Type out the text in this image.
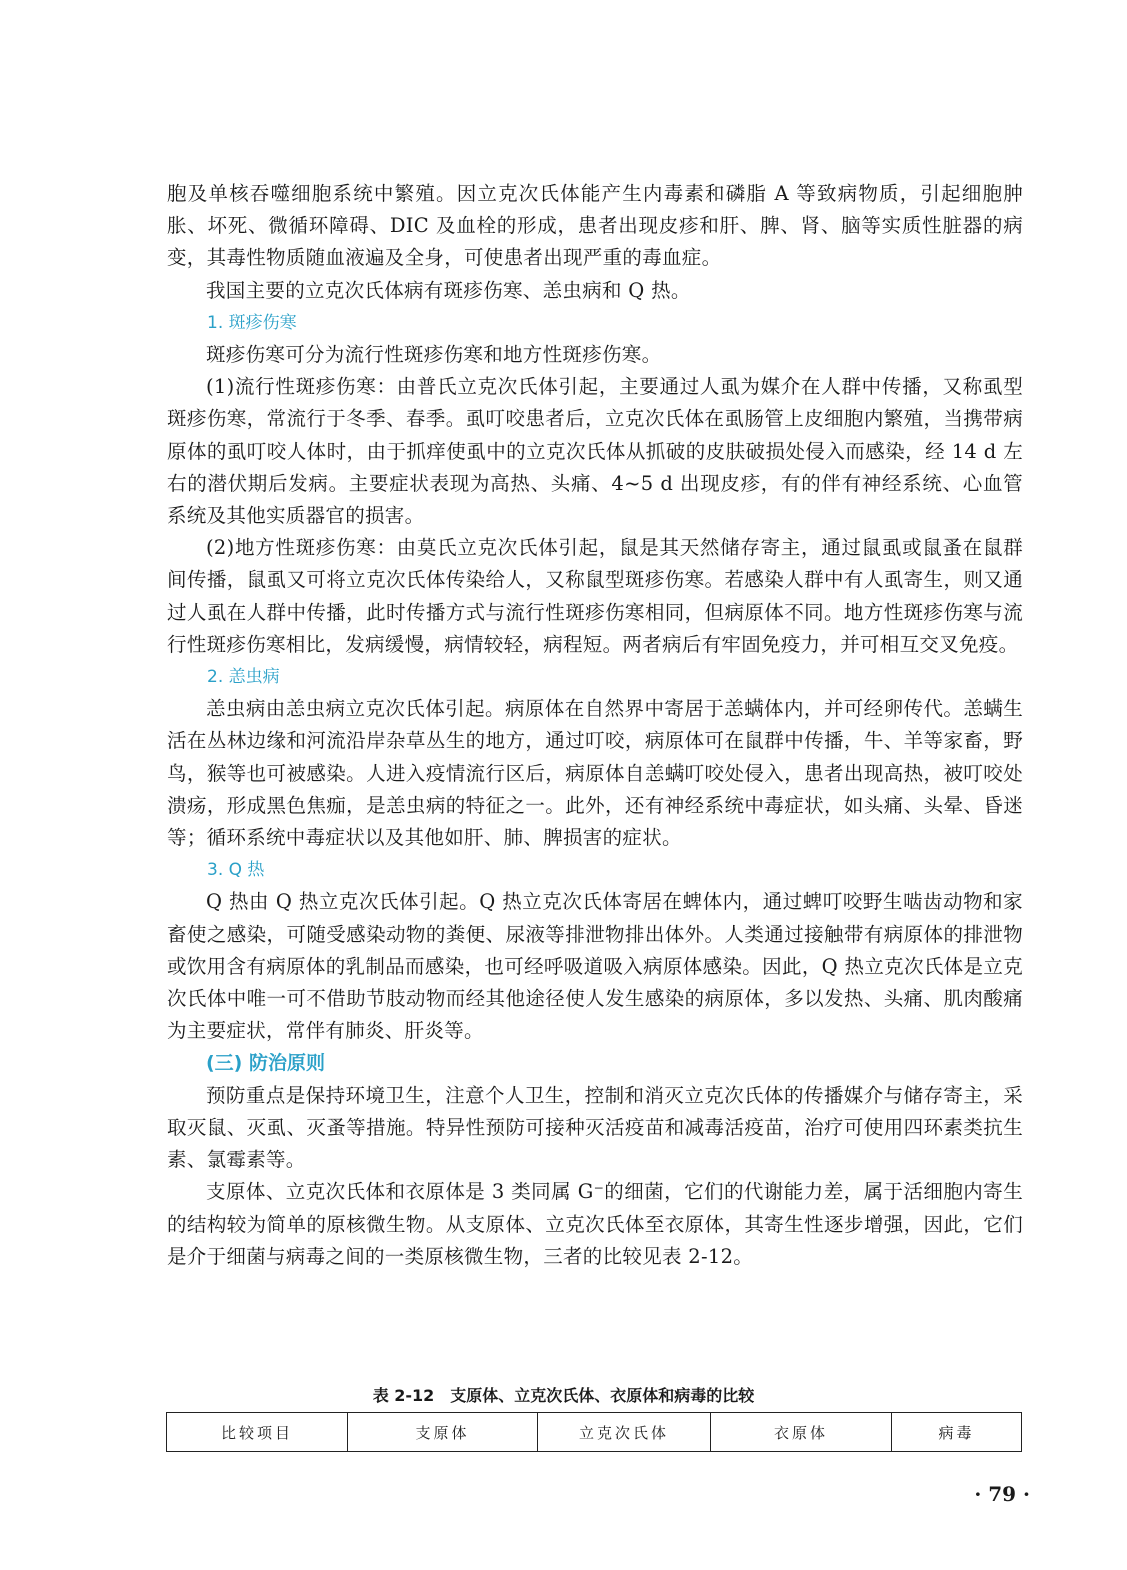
胞及单核吞噬细胞系统中繁殖。因立克次氏体能产生内毒素和磷脂 A 等致病物质，引起细胞肿胀、坏死、微循环障碍、DIC 及血栓的形成，患者出现皮疹和肝、脾、肾、脑等实质性脏器的病变，其毒性物质随血液遍及全身，可使患者出现严重的毒血症。

我国主要的立克次氏体病有斑疹伤寒、恙虫病和 Q 热。

1. 斑疹伤寒

斑疹伤寒可分为流行性斑疹伤寒和地方性斑疹伤寒。

(1)流行性斑疹伤寒：由普氏立克次氏体引起，主要通过人虱为媒介在人群中传播，又称虱型斑疹伤寒，常流行于冬季、春季。虱叮咬患者后，立克次氏体在虱肠管上皮细胞内繁殖，当携带病原体的虱叮咬人体时，由于抓痒使虱中的立克次氏体从抓破的皮肤破损处侵入而感染，经 14 d 左右的潜伏期后发病。主要症状表现为高热、头痛、4~5 d 出现皮疹，有的伴有神经系统、心血管系统及其他实质器官的损害。

(2)地方性斑疹伤寒：由莫氏立克次氏体引起，鼠是其天然储存寄主，通过鼠虱或鼠蚤在鼠群间传播，鼠虱又可将立克次氏体传染给人，又称鼠型斑疹伤寒。若感染人群中有人虱寄生，则又通过人虱在人群中传播，此时传播方式与流行性斑疹伤寒相同，但病原体不同。地方性斑疹伤寒与流行性斑疹伤寒相比，发病缓慢，病情较轻，病程短。两者病后有牢固免疫力，并可相互交叉免疫。

2. 恙虫病

恙虫病由恙虫病立克次氏体引起。病原体在自然界中寄居于恙螨体内，并可经卵传代。恙螨生活在丛林边缘和河流沿岸杂草丛生的地方，通过叮咬，病原体可在鼠群中传播，牛、羊等家畜，野鸟，猴等也可被感染。人进入疫情流行区后，病原体自恙螨叮咬处侵入，患者出现高热，被叮咬处溃疡，形成黑色焦痂，是恙虫病的特征之一。此外，还有神经系统中毒症状，如头痛、头晕、昏迷等；循环系统中毒症状以及其他如肝、肺、脾损害的症状。

3. Q 热

Q 热由 Q 热立克次氏体引起。Q 热立克次氏体寄居在蜱体内，通过蜱叮咬野生啮齿动物和家畜使之感染，可随受感染动物的粪便、尿液等排泄物排出体外。人类通过接触带有病原体的排泄物或饮用含有病原体的乳制品而感染，也可经呼吸道吸入病原体感染。因此，Q 热立克次氏体是立克次氏体中唯一可不借助节肢动物而经其他途径使人发生感染的病原体，多以发热、头痛、肌肉酸痛为主要症状，常伴有肺炎、肝炎等。

(三) 防治原则

预防重点是保持环境卫生，注意个人卫生，控制和消灭立克次氏体的传播媒介与储存寄主，采取灭鼠、灭虱、灭蚤等措施。特异性预防可接种灭活疫苗和减毒活疫苗，治疗可使用四环素类抗生素、氯霉素等。

支原体、立克次氏体和衣原体是 3 类同属 G⁻的细菌，它们的代谢能力差，属于活细胞内寄生的结构较为简单的原核微生物。从支原体、立克次氏体至衣原体，其寄生性逐步增强，因此，它们是介于细菌与病毒之间的一类原核微生物，三者的比较见表 2-12。

表 2-12　支原体、立克次氏体、衣原体和病毒的比较
比较项目	支原体	立克次氏体	衣原体	病毒
· 79 ·
